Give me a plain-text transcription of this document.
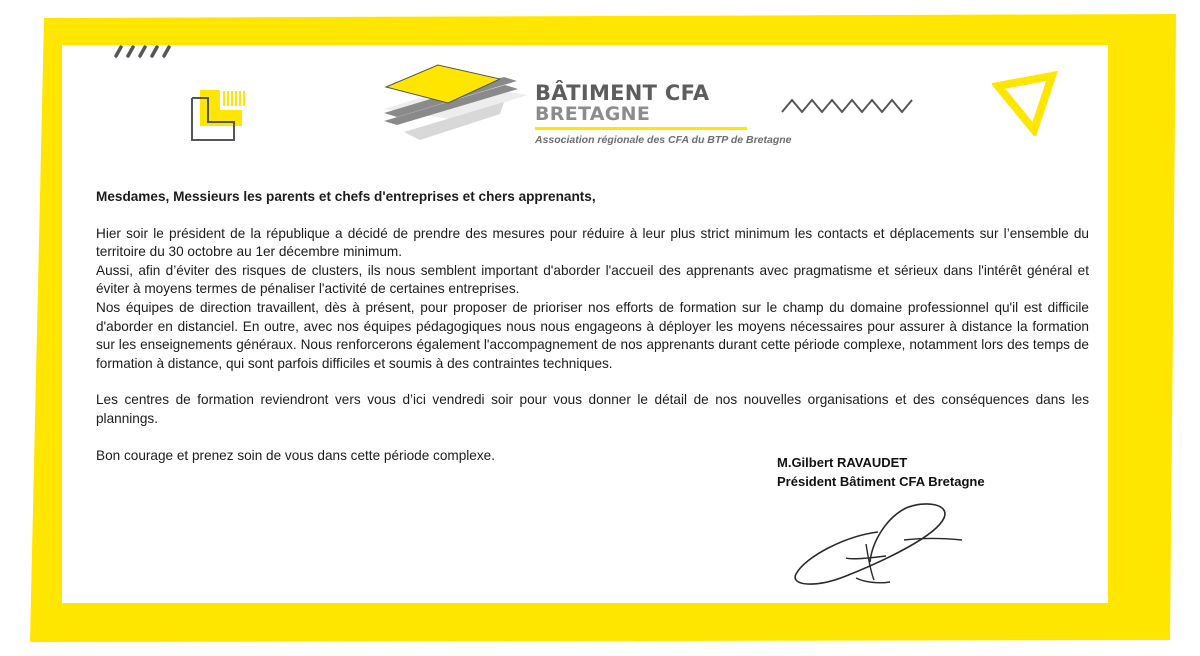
BÂTIMENT CFA
BRETAGNE
Association régionale des CFA du BTP de Bretagne

Mesdames, Messieurs les parents et chefs d'entreprises et chers apprenants,

Hier soir le président de la république a décidé de prendre des mesures pour réduire à leur plus strict minimum les contacts et déplacements sur l’ensemble du territoire du 30 octobre au 1er décembre minimum.

Aussi, afin d’éviter des risques de clusters, ils nous semblent important d'aborder l'accueil des apprenants avec pragmatisme et sérieux dans l'intérêt général et éviter à moyens termes de pénaliser l'activité de certaines entreprises.

Nos équipes de direction travaillent, dès à présent, pour proposer de prioriser nos efforts de formation sur le champ du domaine professionnel qu'il est difficile d'aborder en distanciel. En outre, avec nos équipes pédagogiques nous nous engageons à déployer les moyens nécessaires pour assurer à distance la formation sur les enseignements généraux. Nous renforcerons également l'accompagnement de nos apprenants durant cette période complexe, notamment lors des temps de formation à distance, qui sont parfois difficiles et soumis à des contraintes techniques.

Les centres de formation reviendront vers vous d’ici vendredi soir pour vous donner le détail de nos nouvelles organisations et des conséquences dans les plannings.

Bon courage et prenez soin de vous dans cette période complexe.	M.Gilbert RAVAUDET
Président Bâtiment CFA Bretagne
